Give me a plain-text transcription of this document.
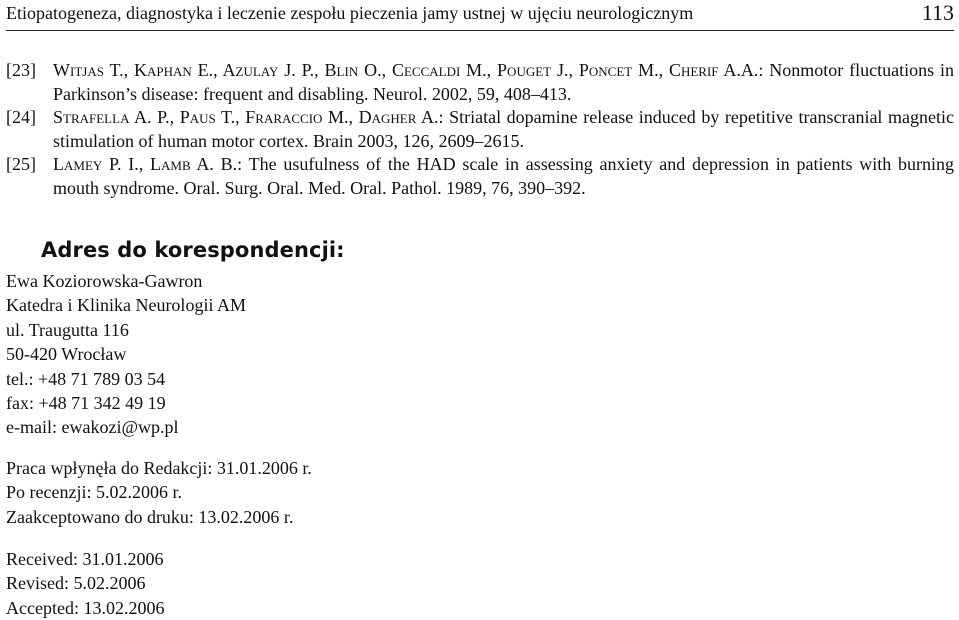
Etiopatogeneza, diagnostyka i leczenie zespołu pieczenia jamy ustnej w ujęciu neurologicznym	113
[23] Witjas T., Kaphan E., Azulay J. P., Blin O., Ceccaldi M., Pouget J., Poncet M., Cherif A.A.: Nonmotor fluctuations in Parkinson’s disease: frequent and disabling. Neurol. 2002, 59, 408–413.
[24] Strafella A. P., Paus T., Fraraccio M., Dagher A.: Striatal dopamine release induced by repetitive transcranial magnetic stimulation of human motor cortex. Brain 2003, 126, 2609–2615.
[25] Lamey P. I., Lamb A. B.: The usufulness of the HAD scale in assessing anxiety and depression in patients with burning mouth syndrome. Oral. Surg. Oral. Med. Oral. Pathol. 1989, 76, 390–392.
Adres do korespondencji:
Ewa Koziorowska-Gawron
Katedra i Klinika Neurologii AM
ul. Traugutta 116
50-420 Wrocław
tel.: +48 71 789 03 54
fax: +48 71 342 49 19
e-mail: ewakozi@wp.pl
Praca wpłynęła do Redakcji: 31.01.2006 r.
Po recenzji: 5.02.2006 r.
Zaakceptowano do druku: 13.02.2006 r.
Received: 31.01.2006
Revised: 5.02.2006
Accepted: 13.02.2006
